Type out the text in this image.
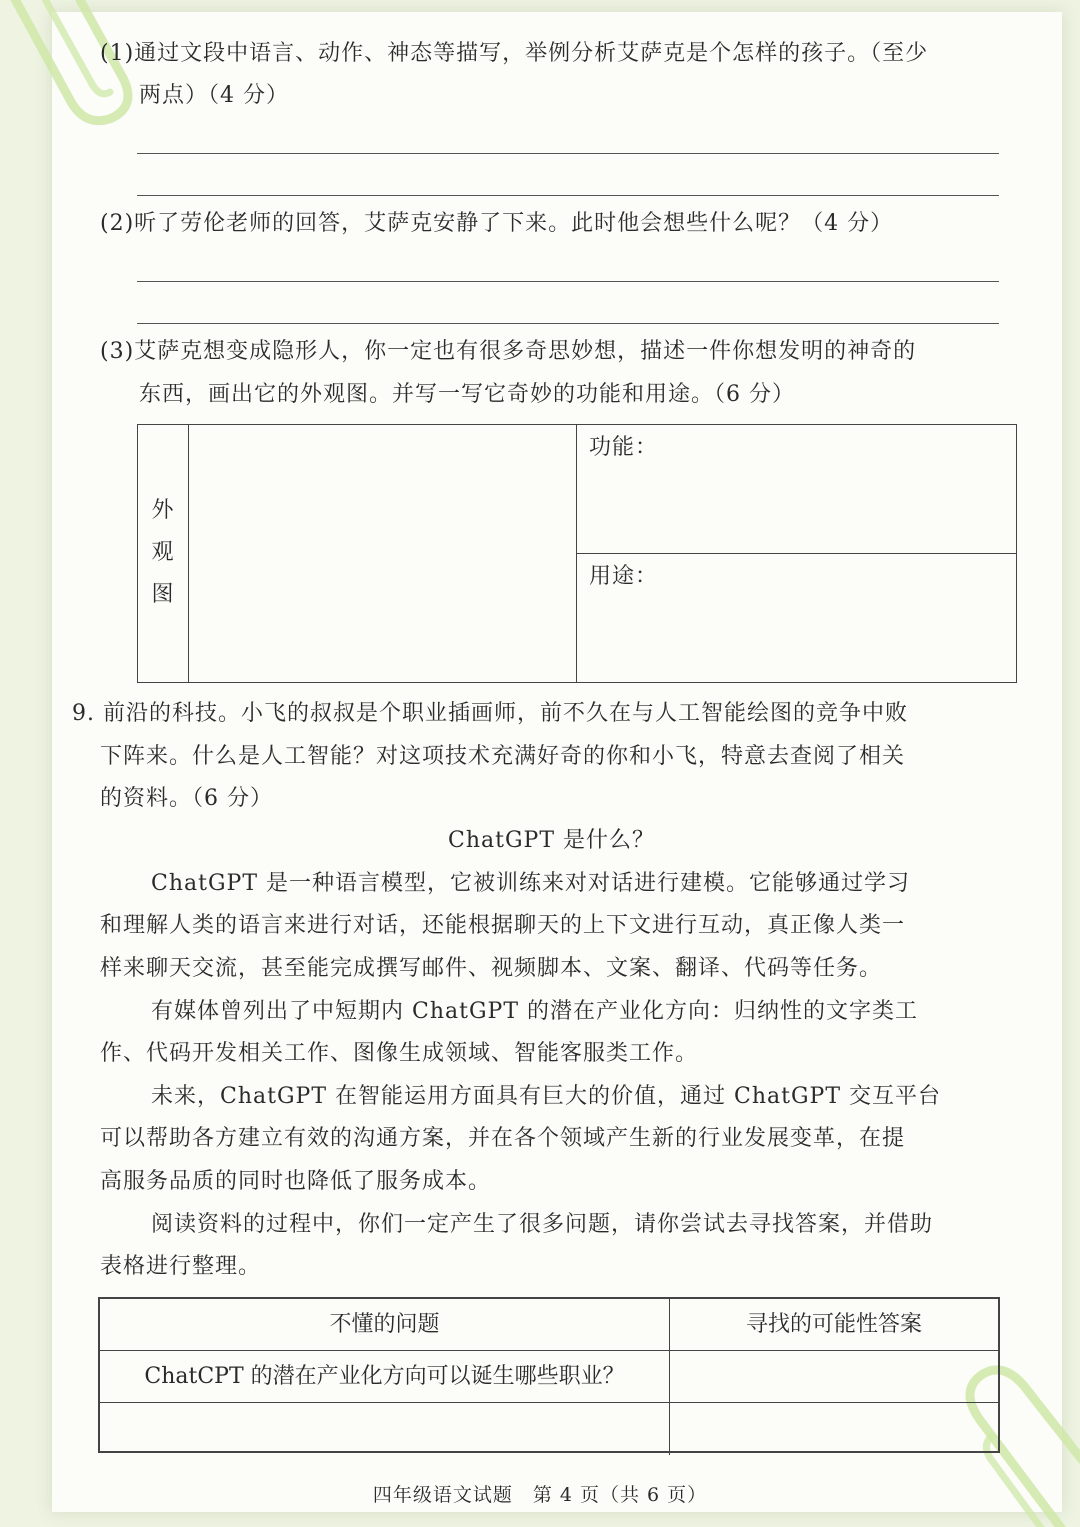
(1)通过文段中语言、动作、神态等描写，举例分析艾萨克是个怎样的孩子。（至少
两点）（4 分）
(2)听了劳伦老师的回答，艾萨克安静了下来。此时他会想些什么呢？（4 分）
(3)艾萨克想变成隐形人，你一定也有很多奇思妙想，描述一件你想发明的神奇的
东西，画出它的外观图。并写一写它奇妙的功能和用途。（6 分）
功能：
用途：
外
观
图
9. 前沿的科技。小飞的叔叔是个职业插画师，前不久在与人工智能绘图的竞争中败
下阵来。什么是人工智能？对这项技术充满好奇的你和小飞，特意去查阅了相关
的资料。（6 分）
ChatGPT 是什么？
ChatGPT 是一种语言模型，它被训练来对对话进行建模。它能够通过学习
和理解人类的语言来进行对话，还能根据聊天的上下文进行互动，真正像人类一
样来聊天交流，甚至能完成撰写邮件、视频脚本、文案、翻译、代码等任务。
有媒体曾列出了中短期内 ChatGPT 的潜在产业化方向：归纳性的文字类工
作、代码开发相关工作、图像生成领域、智能客服类工作。
未来，ChatGPT 在智能运用方面具有巨大的价值，通过 ChatGPT 交互平台
可以帮助各方建立有效的沟通方案，并在各个领域产生新的行业发展变革，在提
高服务品质的同时也降低了服务成本。
阅读资料的过程中，你们一定产生了很多问题，请你尝试去寻找答案，并借助
表格进行整理。
不懂的问题	寻找的可能性答案
ChatCPT 的潜在产业化方向可以诞生哪些职业？
四年级语文试题　第 4 页（共 6 页）
